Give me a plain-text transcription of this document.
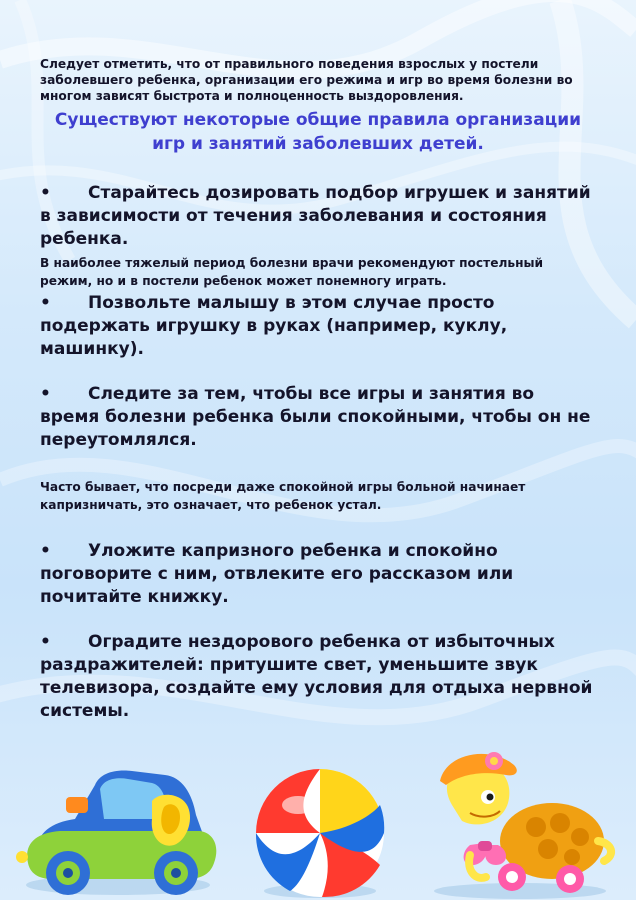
Следует отметить, что от правильного поведения взрослых у постели заболевшего ребенка, организации его режима и игр во время болезни во многом зависят быстрота и полноценность выздоровления.

Существуют некоторые общие правила организации игр и занятий заболевших детей.

• Старайтесь дозировать подбор игрушек и занятий в зависимости от течения заболевания и состояния ребенка.

В наиболее тяжелый период болезни врачи рекомендуют постельный режим, но и в постели ребенок может понемногу играть.

• Позвольте малышу в этом случае просто подержать игрушку в руках (например, куклу, машинку).

• Следите за тем, чтобы все игры и занятия во время болезни ребенка были спокойными, чтобы он не переутомлялся.

Часто бывает, что посреди даже спокойной игры больной начинает капризничать, это означает, что ребенок устал.

• Уложите капризного ребенка и спокойно поговорите с ним, отвлеките его рассказом или почитайте книжку.

• Оградите нездорового ребенка от избыточных раздражителей: притушите свет, уменьшите звук телевизора, создайте ему условия для отдыха нервной системы.
